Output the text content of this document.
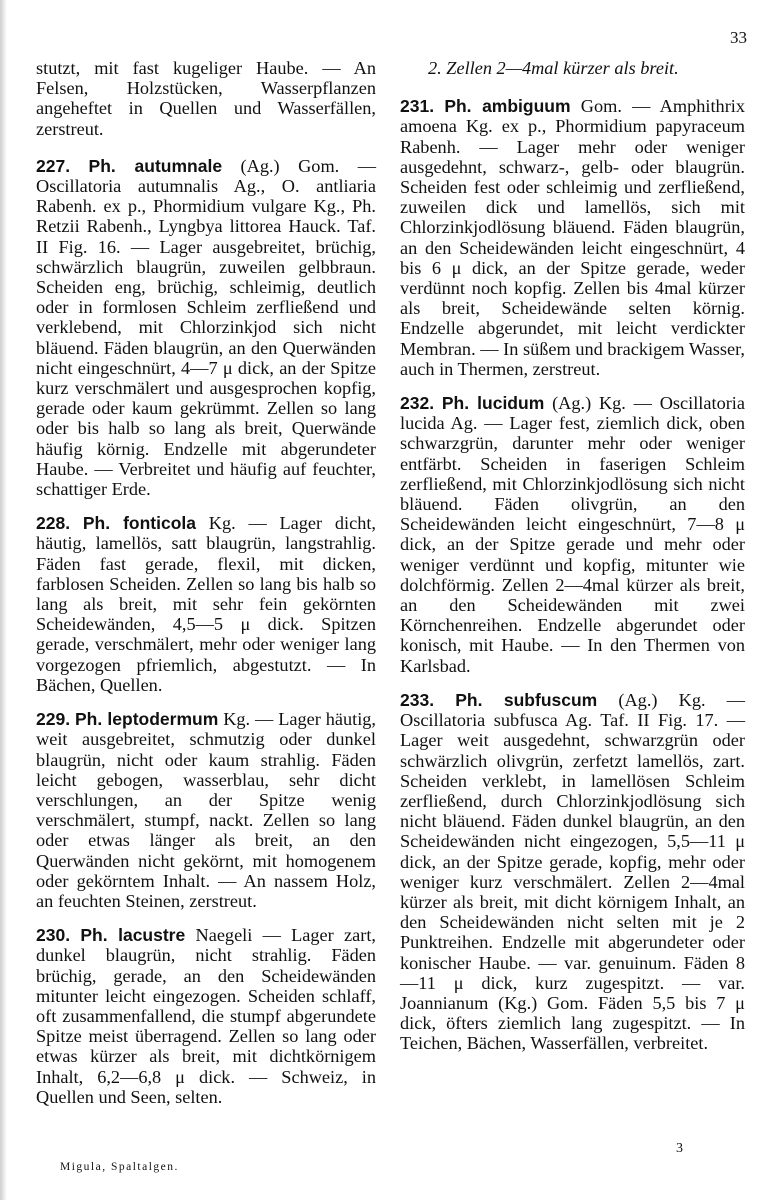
33

stutzt, mit fast kugeliger Haube. — An Felsen, Holzstücken, Wasserpflanzen angeheftet in Quellen und Wasserfällen, zerstreut.

227. Ph. autumnale (Ag.) Gom. — Oscillatoria autumnalis Ag., O. antliaria Rabenh. ex p., Phormidium vulgare Kg., Ph. Retzii Rabenh., Lyngbya littorea Hauck. Taf. II Fig. 16. — Lager ausgebreitet, brüchig, schwärzlich blaugrün, zuweilen gelbbraun. Scheiden eng, brüchig, schleimig, deutlich oder in formlosen Schleim zerfließend und verklebend, mit Chlorzinkjod sich nicht bläuend. Fäden blaugrün, an den Querwänden nicht eingeschnürt, 4—7 μ dick, an der Spitze kurz verschmälert und ausgesprochen kopfig, gerade oder kaum gekrümmt. Zellen so lang oder bis halb so lang als breit, Querwände häufig körnig. Endzelle mit abgerundeter Haube. — Verbreitet und häufig auf feuchter, schattiger Erde.

228. Ph. fonticola Kg. — Lager dicht, häutig, lamellös, satt blaugrün, langstrahlig. Fäden fast gerade, flexil, mit dicken, farblosen Scheiden. Zellen so lang bis halb so lang als breit, mit sehr fein gekörnten Scheidewänden, 4,5—5 μ dick. Spitzen gerade, verschmälert, mehr oder weniger lang vorgezogen pfriemlich, abgestutzt. — In Bächen, Quellen.

229. Ph. leptodermum Kg. — Lager häutig, weit ausgebreitet, schmutzig oder dunkel blaugrün, nicht oder kaum strahlig. Fäden leicht gebogen, wasserblau, sehr dicht verschlungen, an der Spitze wenig verschmälert, stumpf, nackt. Zellen so lang oder etwas länger als breit, an den Querwänden nicht gekörnt, mit homogenem oder gekörntem Inhalt. — An nassem Holz, an feuchten Steinen, zerstreut.

230. Ph. lacustre Naegeli — Lager zart, dunkel blaugrün, nicht strahlig. Fäden brüchig, gerade, an den Scheidewänden mitunter leicht eingezogen. Scheiden schlaff, oft zusammenfallend, die stumpf abgerundete Spitze meist überragend. Zellen so lang oder etwas kürzer als breit, mit dichtkörnigem Inhalt, 6,2—6,8 μ dick. — Schweiz, in Quellen und Seen, selten.

2. Zellen 2—4mal kürzer als breit.

231. Ph. ambiguum Gom. — Amphithrix amoena Kg. ex p., Phormidium papyraceum Rabenh. — Lager mehr oder weniger ausgedehnt, schwarz-, gelb- oder blaugrün. Scheiden fest oder schleimig und zerfließend, zuweilen dick und lamellös, sich mit Chlorzinkjodlösung bläuend. Fäden blaugrün, an den Scheidewänden leicht eingeschnürt, 4 bis 6 μ dick, an der Spitze gerade, weder verdünnt noch kopfig. Zellen bis 4mal kürzer als breit, Scheidewände selten körnig. Endzelle abgerundet, mit leicht verdickter Membran. — In süßem und brackigem Wasser, auch in Thermen, zerstreut.

232. Ph. lucidum (Ag.) Kg. — Oscillatoria lucida Ag. — Lager fest, ziemlich dick, oben schwarzgrün, darunter mehr oder weniger entfärbt. Scheiden in faserigen Schleim zerfließend, mit Chlorzinkjodlösung sich nicht bläuend. Fäden olivgrün, an den Scheidewänden leicht eingeschnürt, 7—8 μ dick, an der Spitze gerade und mehr oder weniger verdünnt und kopfig, mitunter wie dolchförmig. Zellen 2—4mal kürzer als breit, an den Scheidewänden mit zwei Körnchenreihen. Endzelle abgerundet oder konisch, mit Haube. — In den Thermen von Karlsbad.

233. Ph. subfuscum (Ag.) Kg. — Oscillatoria subfusca Ag. Taf. II Fig. 17. — Lager weit ausgedehnt, schwarzgrün oder schwärzlich olivgrün, zerfetzt lamellös, zart. Scheiden verklebt, in lamellösen Schleim zerfließend, durch Chlorzinkjodlösung sich nicht bläuend. Fäden dunkel blaugrün, an den Scheidewänden nicht eingezogen, 5,5—11 μ dick, an der Spitze gerade, kopfig, mehr oder weniger kurz verschmälert. Zellen 2—4mal kürzer als breit, mit dicht körnigem Inhalt, an den Scheidewänden nicht selten mit je 2 Punktreihen. Endzelle mit abgerundeter oder konischer Haube. — var. genuinum. Fäden 8—11 μ dick, kurz zugespitzt. — var. Joannianum (Kg.) Gom. Fäden 5,5 bis 7 μ dick, öfters ziemlich lang zugespitzt. — In Teichen, Bächen, Wasserfällen, verbreitet.

Migula, Spaltalgen.
3
